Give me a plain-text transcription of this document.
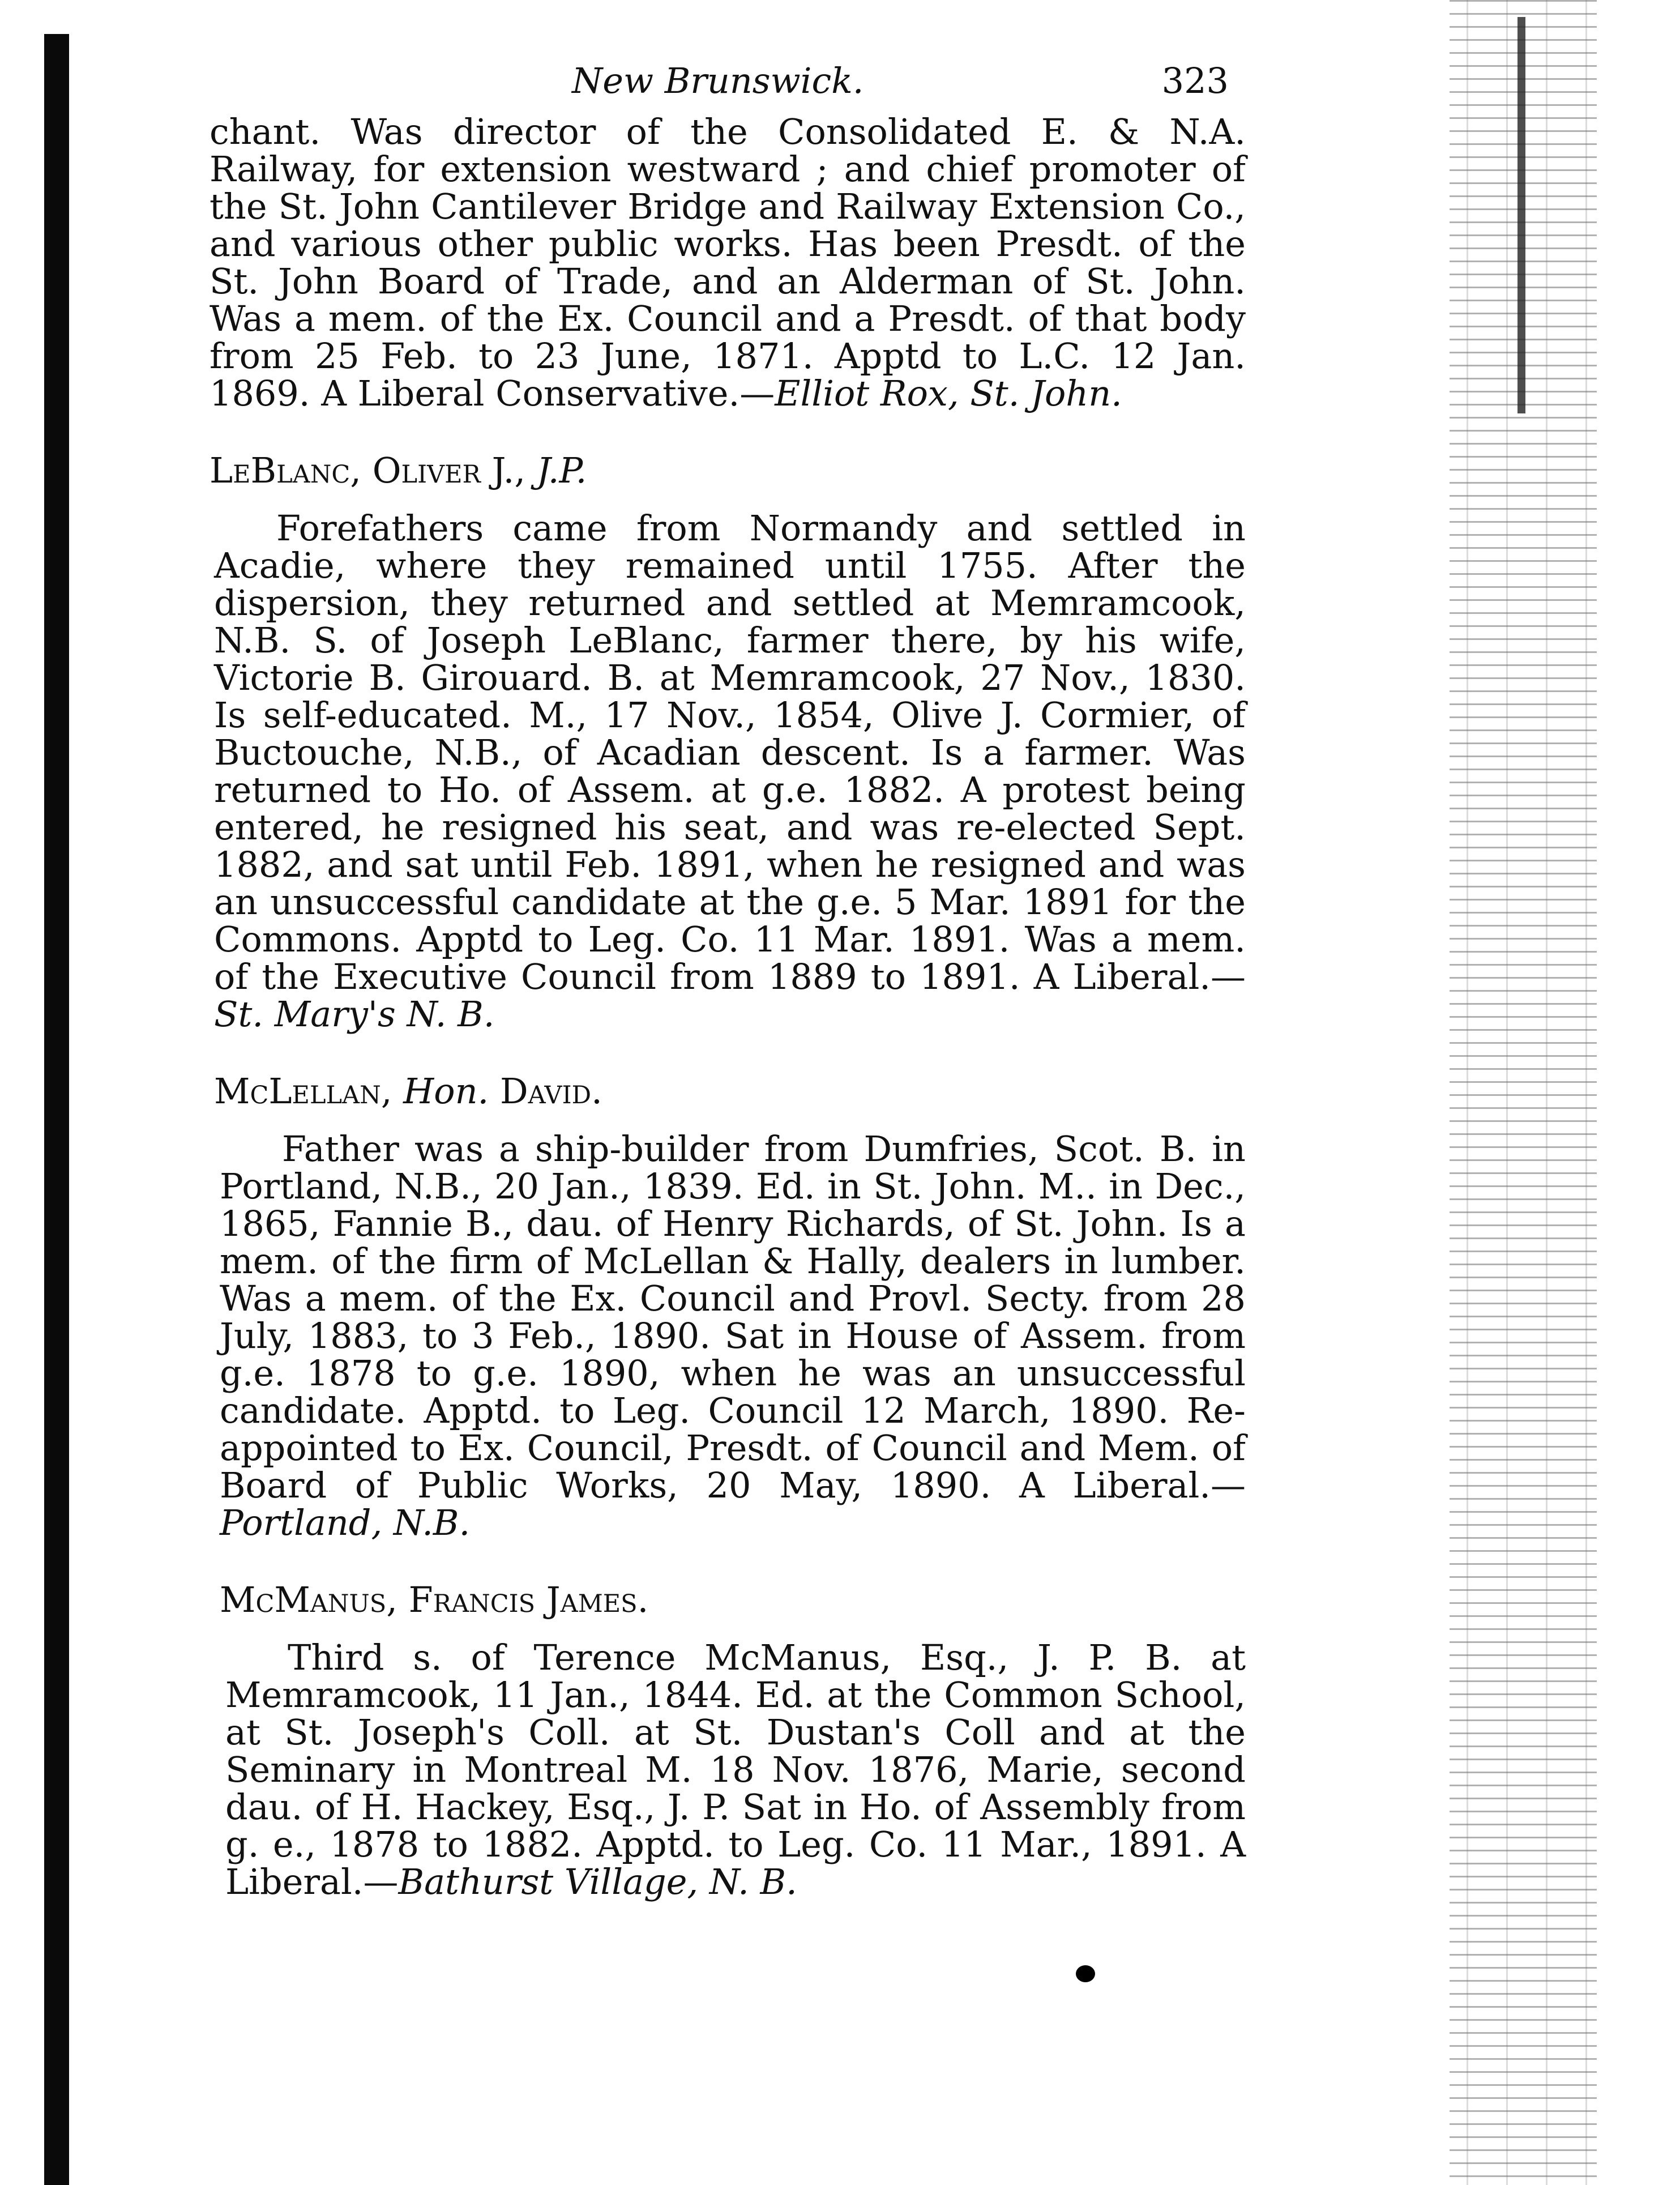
New Brunswick.	323

chant. Was director of the Consolidated E. & N.A. Railway, for extension westward ; and chief promoter of the St. John Cantilever Bridge and Railway Extension Co., and various other public works. Has been Presdt. of the St. John Board of Trade, and an Alderman of St. John. Was a mem. of the Ex. Council and a Presdt. of that body from 25 Feb. to 23 June, 1871. Apptd to L.C. 12 Jan. 1869. A Liberal Conservative.—Elliot Rox, St. John.

LeBlanc, Oliver J., J.P.

Forefathers came from Normandy and settled in Acadie, where they remained until 1755. After the dispersion, they returned and settled at Memramcook, N.B. S. of Joseph LeBlanc, farmer there, by his wife, Victorie B. Girouard. B. at Memramcook, 27 Nov., 1830. Is self-educated. M., 17 Nov., 1854, Olive J. Cormier, of Buctouche, N.B., of Acadian descent. Is a farmer. Was returned to Ho. of Assem. at g.e. 1882. A protest being entered, he resigned his seat, and was re-elected Sept. 1882, and sat until Feb. 1891, when he resigned and was an unsuccessful candidate at the g.e. 5 Mar. 1891 for the Commons. Apptd to Leg. Co. 11 Mar. 1891. Was a mem. of the Executive Council from 1889 to 1891. A Liberal.—St. Mary's N. B.

McLellan, Hon. David.

Father was a ship-builder from Dumfries, Scot. B. in Portland, N.B., 20 Jan., 1839. Ed. in St. John. M.. in Dec., 1865, Fannie B., dau. of Henry Richards, of St. John. Is a mem. of the firm of McLellan & Hally, dealers in lumber. Was a mem. of the Ex. Council and Provl. Secty. from 28 July, 1883, to 3 Feb., 1890. Sat in House of Assem. from g.e. 1878 to g.e. 1890, when he was an unsuccessful candidate. Apptd. to Leg. Council 12 March, 1890. Re-appointed to Ex. Council, Presdt. of Council and Mem. of Board of Public Works, 20 May, 1890. A Liberal.—Portland, N.B.

McManus, Francis James.

Third s. of Terence McManus, Esq., J. P. B. at Memramcook, 11 Jan., 1844. Ed. at the Common School, at St. Joseph's Coll. at St. Dustan's Coll and at the Seminary in Montreal M. 18 Nov. 1876, Marie, second dau. of H. Hackey, Esq., J. P. Sat in Ho. of Assembly from g. e., 1878 to 1882. Apptd. to Leg. Co. 11 Mar., 1891. A Liberal.—Bathurst Village, N. B.
